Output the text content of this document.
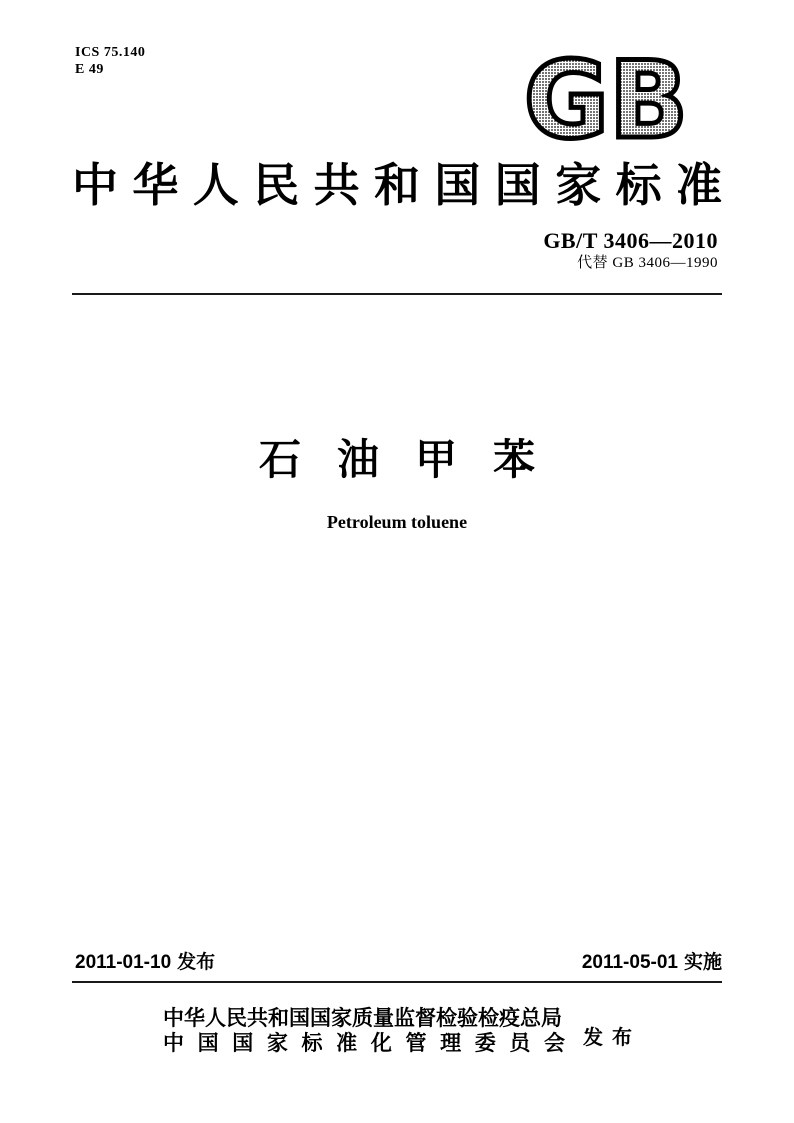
ICS 75.140
E 49	GB
中华人民共和国国家标准
GB/T 3406—2010
代替 GB 3406—1990
石油甲苯
Petroleum toluene
2011-01-10 发布	2011-05-01 实施
中华人民共和国国家质量监督检验检疫总局
中国国家标准化管理委员会 发布
